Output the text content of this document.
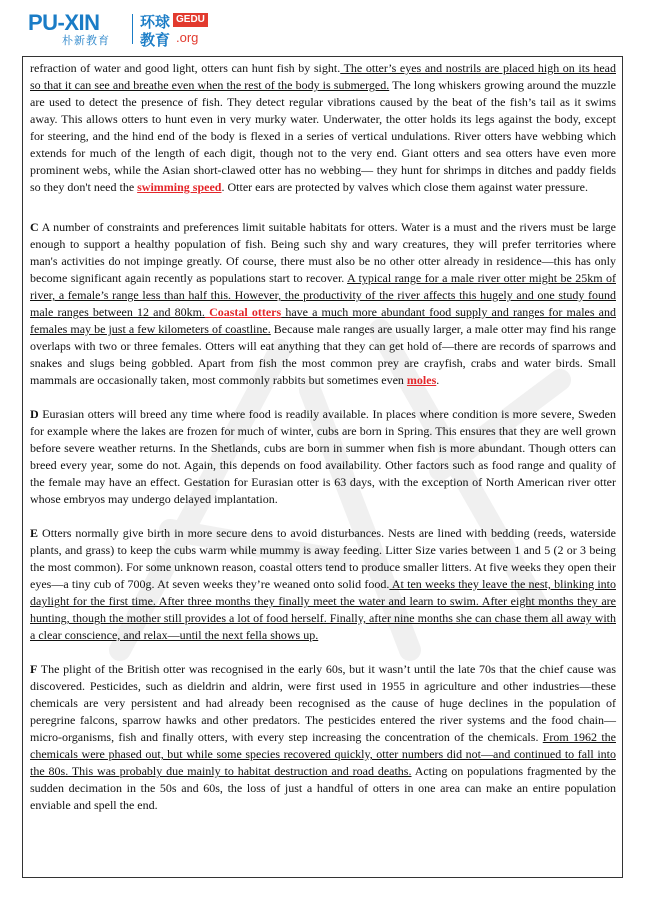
PU-XIN
朴新教育
环球
教育
GEDU
.org

refraction of water and good light, otters can hunt fish by sight. The otter’s eyes and nostrils are placed high on its head so that it can see and breathe even when the rest of the body is submerged. The long whiskers growing around the muzzle are used to detect the presence of fish. They detect regular vibrations caused by the beat of the fish’s tail as it swims away. This allows otters to hunt even in very murky water. Underwater, the otter holds its legs against the body, except for steering, and the hind end of the body is flexed in a series of vertical undulations. River otters have webbing which extends for much of the length of each digit, though not to the very end. Giant otters and sea otters have even more prominent webs, while the Asian short-clawed otter has no webbing— they hunt for shrimps in ditches and paddy fields so they don't need the swimming speed. Otter ears are protected by valves which close them against water pressure.

C A number of constraints and preferences limit suitable habitats for otters. Water is a must and the rivers must be large enough to support a healthy population of fish. Being such shy and wary creatures, they will prefer territories where man's activities do not impinge greatly. Of course, there must also be no other otter already in residence—this has only become significant again recently as populations start to recover. A typical range for a male river otter might be 25km of river, a female’s range less than half this. However, the productivity of the river affects this hugely and one study found male ranges between 12 and 80km. Coastal otters have a much more abundant food supply and ranges for males and females may be just a few kilometers of coastline. Because male ranges are usually larger, a male otter may find his range overlaps with two or three females. Otters will eat anything that they can get hold of—there are records of sparrows and snakes and slugs being gobbled. Apart from fish the most common prey are crayfish, crabs and water birds. Small mammals are occasionally taken, most commonly rabbits but sometimes even moles.

D Eurasian otters will breed any time where food is readily available. In places where condition is more severe, Sweden for example where the lakes are frozen for much of winter, cubs are born in Spring. This ensures that they are well grown before severe weather returns. In the Shetlands, cubs are born in summer when fish is more abundant. Though otters can breed every year, some do not. Again, this depends on food availability. Other factors such as food range and quality of the female may have an effect. Gestation for Eurasian otter is 63 days, with the exception of North American river otter whose embryos may undergo delayed implantation.

E Otters normally give birth in more secure dens to avoid disturbances. Nests are lined with bedding (reeds, waterside plants, and grass) to keep the cubs warm while mummy is away feeding. Litter Size varies between 1 and 5 (2 or 3 being the most common). For some unknown reason, coastal otters tend to produce smaller litters. At five weeks they open their eyes—a tiny cub of 700g. At seven weeks they’re weaned onto solid food. At ten weeks they leave the nest, blinking into daylight for the first time. After three months they finally meet the water and learn to swim. After eight months they are hunting, though the mother still provides a lot of food herself. Finally, after nine months she can chase them all away with a clear conscience, and relax—until the next fella shows up.

F The plight of the British otter was recognised in the early 60s, but it wasn’t until the late 70s that the chief cause was discovered. Pesticides, such as dieldrin and aldrin, were first used in 1955 in agriculture and other industries—these chemicals are very persistent and had already been recognised as the cause of huge declines in the population of peregrine falcons, sparrow hawks and other predators. The pesticides entered the river systems and the food chain—micro-organisms, fish and finally otters, with every step increasing the concentration of the chemicals. From 1962 the chemicals were phased out, but while some species recovered quickly, otter numbers did not—and continued to fall into the 80s. This was probably due mainly to habitat destruction and road deaths. Acting on populations fragmented by the sudden decimation in the 50s and 60s, the loss of just a handful of otters in one area can make an entire population enviable and spell the end.
